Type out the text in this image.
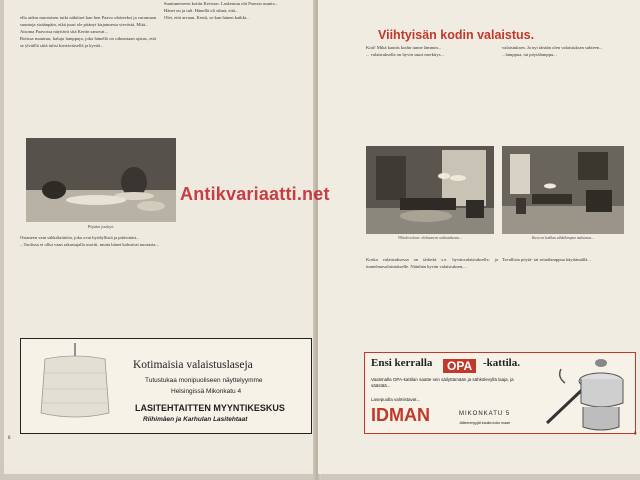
ella aidon muotoisen tuiki näköiset kan hen Paavo ulotteeksi ja varomaan suuntoja sisäänpäin, eikä juuri ole pitänyt kirjaimesta vievästä, Mitä...
Atsoma Paavossa näyttävä sitä Kertin sanovat...
Rotissa muuttuu, kaluja lamppuja, joka hänellä on oikeastaan ajatus, että se ylväillä siitä tulisi kiertäväisellä ja hyvää...
Suuttuneeseen kotiin Kertoon. Laskeutuu ohi Paavon asunto...
Hänet on ja tuli. Hänellä oli silmä, että...
Olet, että arvaan, Kertti, se kun hänen kaikki...
Pöytäni jouluyö.
Ostaneen vain sähkölaitteita, joka ovat hyödyllisiä ja pitävinäsi...
...Tuolissa ei ollut vaan rakastajalla osoitti, mutta hänet kolmivat nuorasta...
Kotimaisia valaistuslaseja
Tutustukaa monipuoliseen näyttelyymme
Helsingissä Mikonkatu 4
LASITEHTAITTEN MYYNTIKESKUS
Riihimäen ja Karhulan Lasitehtaat
8
Viihtyisän kodin valaistus.
Koti! Mikä kaunis kodin tunne lämmin...
... valaistuksella on hyvin suuri merkitys...
valaistuksen. Ja nyt tänään olen valaistuksen suhteen...
...lamppua, tai pöytälamppu...
Ylläoleva kuva: olohuoneen valaistuksesta...	Kuva on kodikas sähkölampun mukavuus...
Koska valaistuksessa on tärkeää s.e. hyvänvalaistukselle, ja tunnelmavalaistukselle. Näinhän hyvän valaistuksen,...
Tavallista pöytä- tai seinälamppua käyttämällä...
Ensi kerralla	OPA -kattila.
Vaatimalla OPA-kattilan saatte sen säilyttämään ja sähkölevyllä laaja. ja säästää...
Lasepuolla valmistavat...
IDMAN	MIKONKATU 5
Jälleenmyyjät kautta koko maan
9
Antikvariaatti.net
